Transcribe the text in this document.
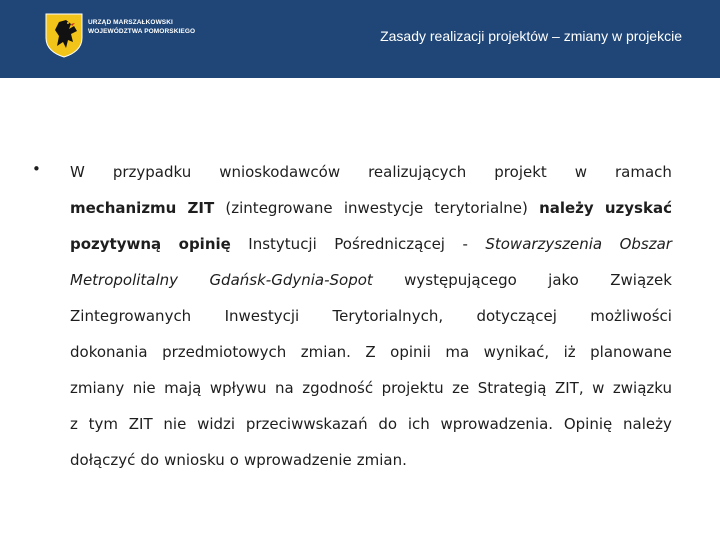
URZĄD MARSZAŁKOWSKI
WOJEWÓDZTWA POMORSKIEGO	Zasady realizacji projektów – zmiany w projekcie
• W przypadku wnioskodawców realizujących projekt w ramach
mechanizmu ZIT (zintegrowane inwestycje terytorialne) należy uzyskać
pozytywną opinię Instytucji Pośredniczącej - Stowarzyszenia Obszar
Metropolitalny Gdańsk-Gdynia-Sopot występującego jako Związek
Zintegrowanych Inwestycji Terytorialnych, dotyczącej możliwości
dokonania przedmiotowych zmian. Z opinii ma wynikać, iż planowane
zmiany nie mają wpływu na zgodność projektu ze Strategią ZIT, w związku
z tym ZIT nie widzi przeciwwskazań do ich wprowadzenia. Opinię należy
dołączyć do wniosku o wprowadzenie zmian.
